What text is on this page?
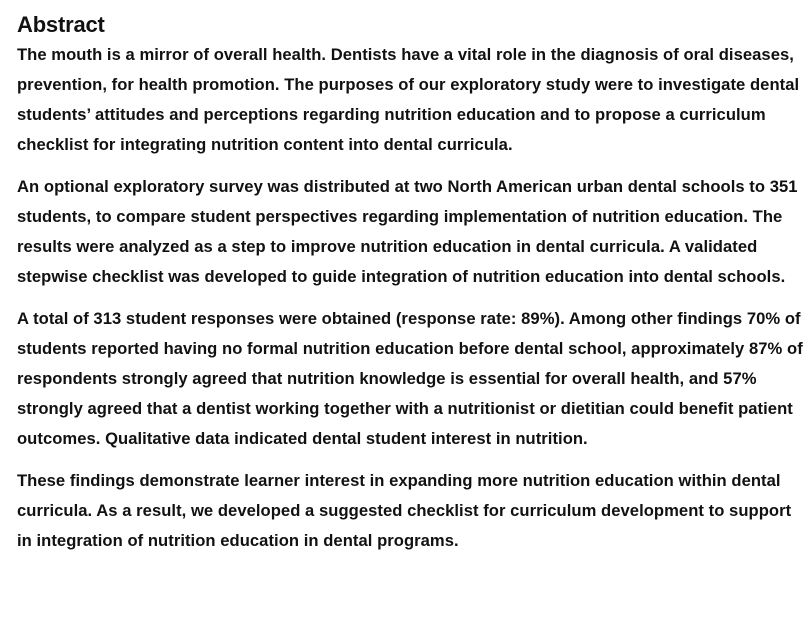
Abstract

The mouth is a mirror of overall health. Dentists have a vital role in the diagnosis of oral diseases, prevention, for health promotion. The purposes of our exploratory study were to investigate dental students’ attitudes and perceptions regarding nutrition education and to propose a curriculum checklist for integrating nutrition content into dental curricula.

An optional exploratory survey was distributed at two North American urban dental schools to 351 students, to compare student perspectives regarding implementation of nutrition education. The results were analyzed as a step to improve nutrition education in dental curricula. A validated stepwise checklist was developed to guide integration of nutrition education into dental schools.

A total of 313 student responses were obtained (response rate: 89%). Among other findings 70% of students reported having no formal nutrition education before dental school, approximately 87% of respondents strongly agreed that nutrition knowledge is essential for overall health, and 57% strongly agreed that a dentist working together with a nutritionist or dietitian could benefit patient outcomes. Qualitative data indicated dental student interest in nutrition.

These findings demonstrate learner interest in expanding more nutrition education within dental curricula. As a result, we developed a suggested checklist for curriculum development to support in integration of nutrition education in dental programs.
